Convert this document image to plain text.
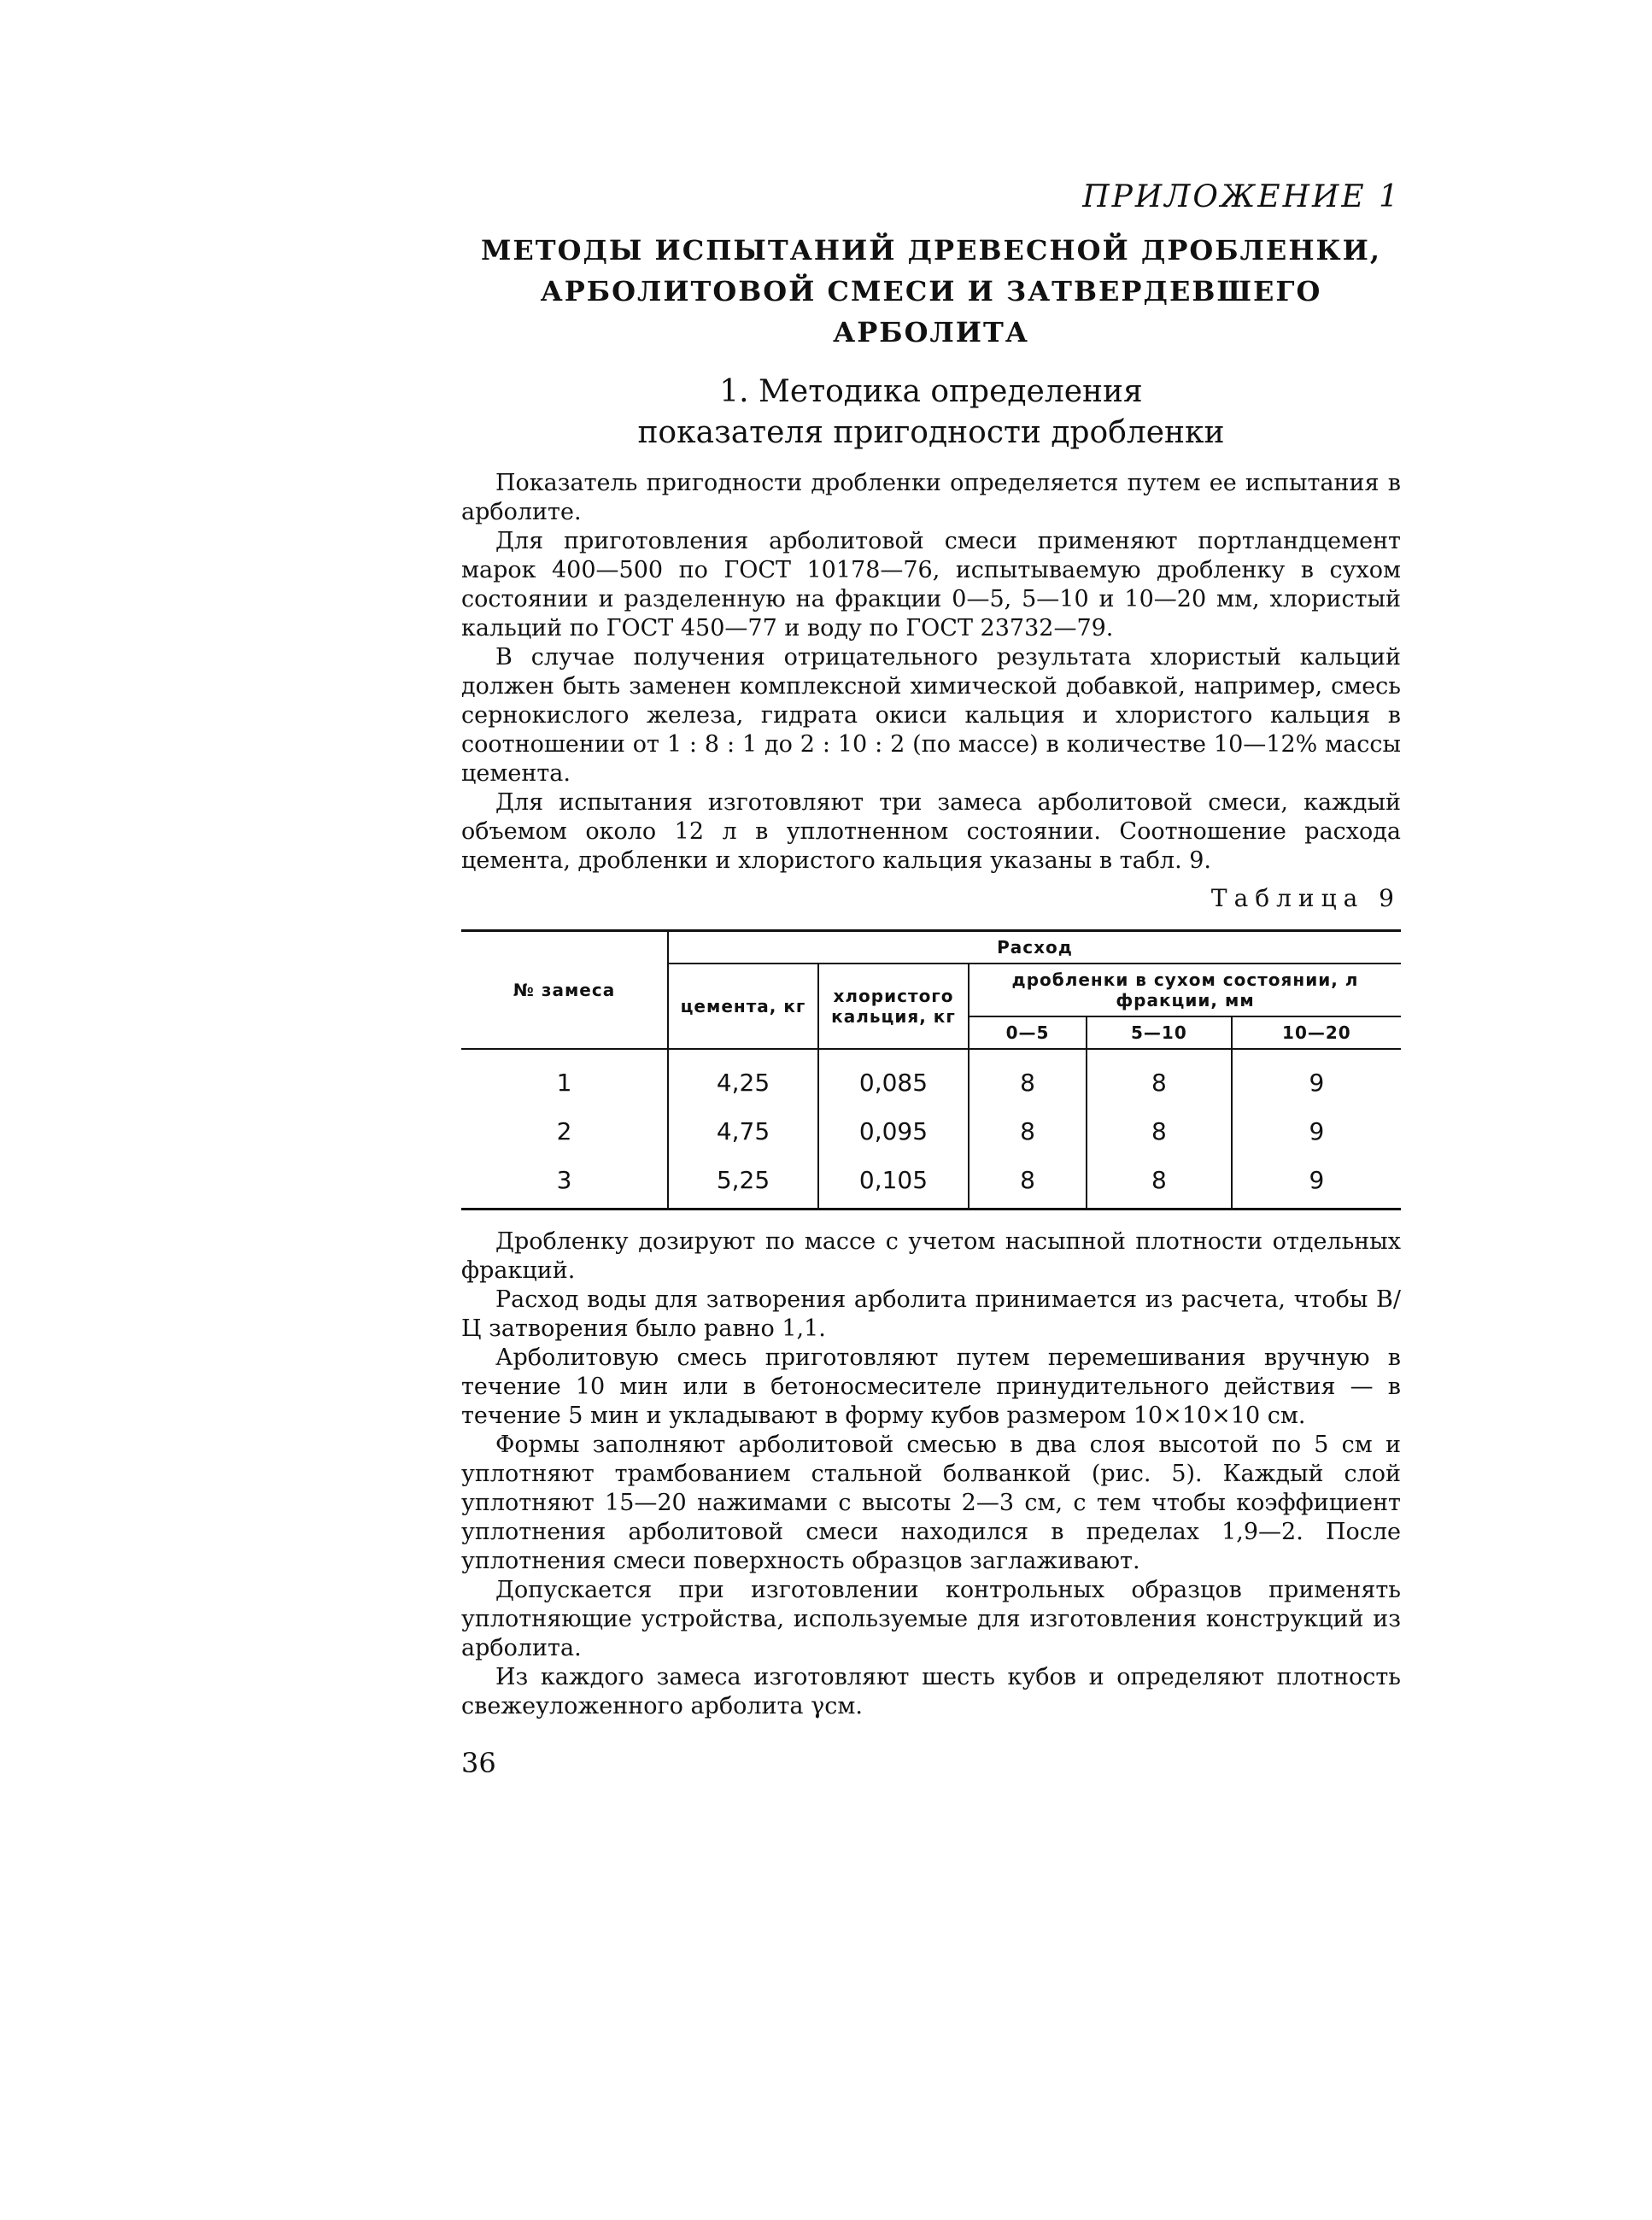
ПРИЛОЖЕНИЕ 1
МЕТОДЫ ИСПЫТАНИЙ ДРЕВЕСНОЙ ДРОБЛЕНКИ,
АРБОЛИТОВОЙ СМЕСИ И ЗАТВЕРДЕВШЕГО АРБОЛИТА
1. Методика определения
показателя пригодности дробленки

Показатель пригодности дробленки определяется путем ее испытания в арболите.

Для приготовления арболитовой смеси применяют портландцемент марок 400—500 по ГОСТ 10178—76, испытываемую дробленку в сухом состоянии и разделенную на фракции 0—5, 5—10 и 10—20 мм, хлористый кальций по ГОСТ 450—77 и воду по ГОСТ 23732—79.

В случае получения отрицательного результата хлористый кальций должен быть заменен комплексной химической добавкой, например, смесь сернокислого железа, гидрата окиси кальция и хлористого кальция в соотношении от 1 : 8 : 1 до 2 : 10 : 2 (по массе) в количестве 10—12% массы цемента.

Для испытания изготовляют три замеса арболитовой смеси, каждый объемом около 12 л в уплотненном состоянии. Соотношение расхода цемента, дробленки и хлористого кальция указаны в табл. 9.

Таблица 9
№ замеса	Расход				
	цемента, кг	хлористого кальция, кг	дробленки в сухом состоянии, л фракции, мм		
			0—5	5—10	10—20
1	4,25	0,085	8	8	9
2	4,75	0,095	8	8	9
3	5,25	0,105	8	8	9

Дробленку дозируют по массе с учетом насыпной плотности отдельных фракций.

Расход воды для затворения арболита принимается из расчета, чтобы В/Ц затворения было равно 1,1.

Арболитовую смесь приготовляют путем перемешивания вручную в течение 10 мин или в бетоносмесителе принудительного действия — в течение 5 мин и укладывают в форму кубов размером 10×10×10 см.

Формы заполняют арболитовой смесью в два слоя высотой по 5 см и уплотняют трамбованием стальной болванкой (рис. 5). Каждый слой уплотняют 15—20 нажимами с высоты 2—3 см, с тем чтобы коэффициент уплотнения арболитовой смеси находился в пределах 1,9—2. После уплотнения смеси поверхность образцов заглаживают.

Допускается при изготовлении контрольных образцов применять уплотняющие устройства, используемые для изготовления конструкций из арболита.

Из каждого замеса изготовляют шесть кубов и определяют плотность свежеуложенного арболита γсм.

36
